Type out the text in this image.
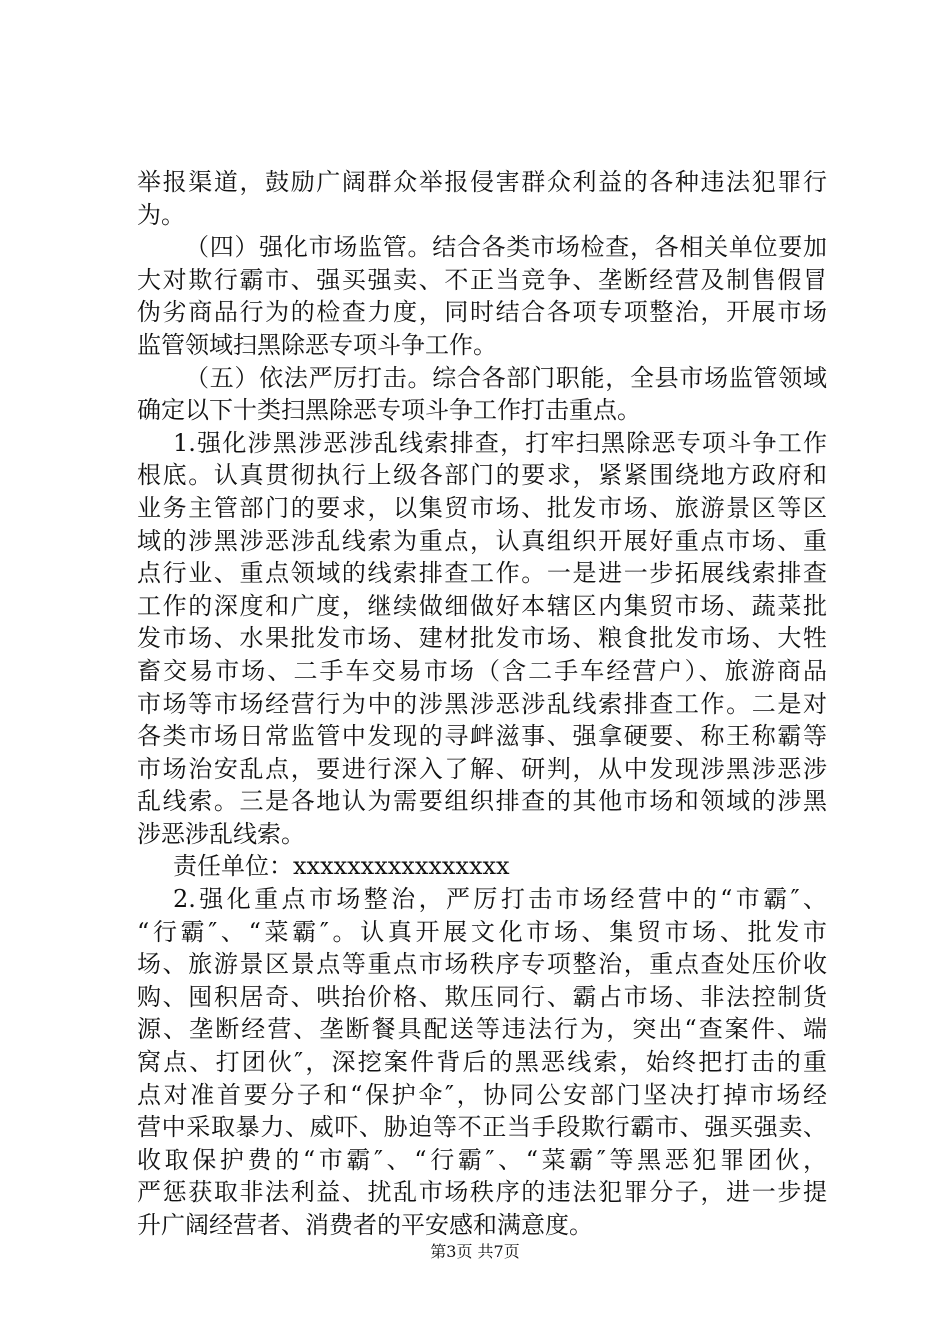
举报渠道，鼓励广阔群众举报侵害群众利益的各种违法犯罪行
为。
（四）强化市场监管。结合各类市场检查，各相关单位要加
大对欺行霸市、强买强卖、不正当竞争、垄断经营及制售假冒
伪劣商品行为的检查力度，同时结合各项专项整治，开展市场
监管领域扫黑除恶专项斗争工作。
（五）依法严厉打击。综合各部门职能，全县市场监管领域
确定以下十类扫黑除恶专项斗争工作打击重点。
1.强化涉黑涉恶涉乱线索排查，打牢扫黑除恶专项斗争工作
根底。认真贯彻执行上级各部门的要求，紧紧围绕地方政府和
业务主管部门的要求，以集贸市场、批发市场、旅游景区等区
域的涉黑涉恶涉乱线索为重点，认真组织开展好重点市场、重
点行业、重点领域的线索排查工作。一是进一步拓展线索排查
工作的深度和广度，继续做细做好本辖区内集贸市场、蔬菜批
发市场、水果批发市场、建材批发市场、粮食批发市场、大牲
畜交易市场、二手车交易市场（含二手车经营户）、旅游商品
市场等市场经营行为中的涉黑涉恶涉乱线索排查工作。二是对
各类市场日常监管中发现的寻衅滋事、强拿硬要、称王称霸等
市场治安乱点，要进行深入了解、研判，从中发现涉黑涉恶涉
乱线索。三是各地认为需要组织排查的其他市场和领域的涉黑
涉恶涉乱线索。
责任单位：xxxxxxxxxxxxxxxx
2.强化重点市场整治，严厉打击市场经营中的“市霸″、
“行霸″、“菜霸″。认真开展文化市场、集贸市场、批发市
场、旅游景区景点等重点市场秩序专项整治，重点查处压价收
购、囤积居奇、哄抬价格、欺压同行、霸占市场、非法控制货
源、垄断经营、垄断餐具配送等违法行为，突出“查案件、端
窝点、打团伙″，深挖案件背后的黑恶线索，始终把打击的重
点对准首要分子和“保护伞″，协同公安部门坚决打掉市场经
营中采取暴力、威吓、胁迫等不正当手段欺行霸市、强买强卖、
收取保护费的“市霸″、“行霸″、“菜霸″等黑恶犯罪团伙，
严惩获取非法利益、扰乱市场秩序的违法犯罪分子，进一步提
升广阔经营者、消费者的平安感和满意度。
第3页 共7页
